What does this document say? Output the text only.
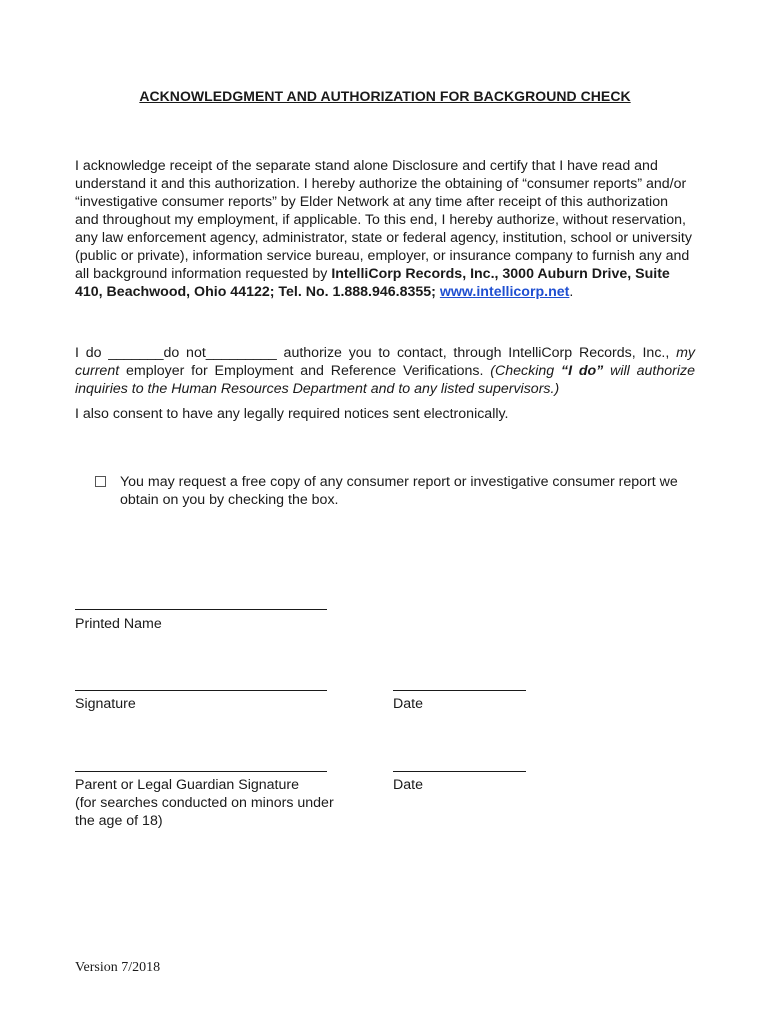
ACKNOWLEDGMENT AND AUTHORIZATION FOR BACKGROUND CHECK
I acknowledge receipt of the separate stand alone Disclosure and certify that I have read and understand it and this authorization. I hereby authorize the obtaining of “consumer reports” and/or “investigative consumer reports” by Elder Network at any time after receipt of this authorization and throughout my employment, if applicable. To this end, I hereby authorize, without reservation, any law enforcement agency, administrator, state or federal agency, institution, school or university (public or private), information service bureau, employer, or insurance company to furnish any and all background information requested by IntelliCorp Records, Inc., 3000 Auburn Drive, Suite 410, Beachwood, Ohio 44122; Tel. No. 1.888.946.8355; www.intellicorp.net.
I do _______do not_________ authorize you to contact, through IntelliCorp Records, Inc., my current employer for Employment and Reference Verifications. (Checking “I do” will authorize inquiries to the Human Resources Department and to any listed supervisors.)
I also consent to have any legally required notices sent electronically.
You may request a free copy of any consumer report or investigative consumer report we obtain on you by checking the box.
Printed Name
Signature	Date
Parent or Legal Guardian Signature
(for searches conducted on minors under
the age of 18)
Date
Version 7/2018
